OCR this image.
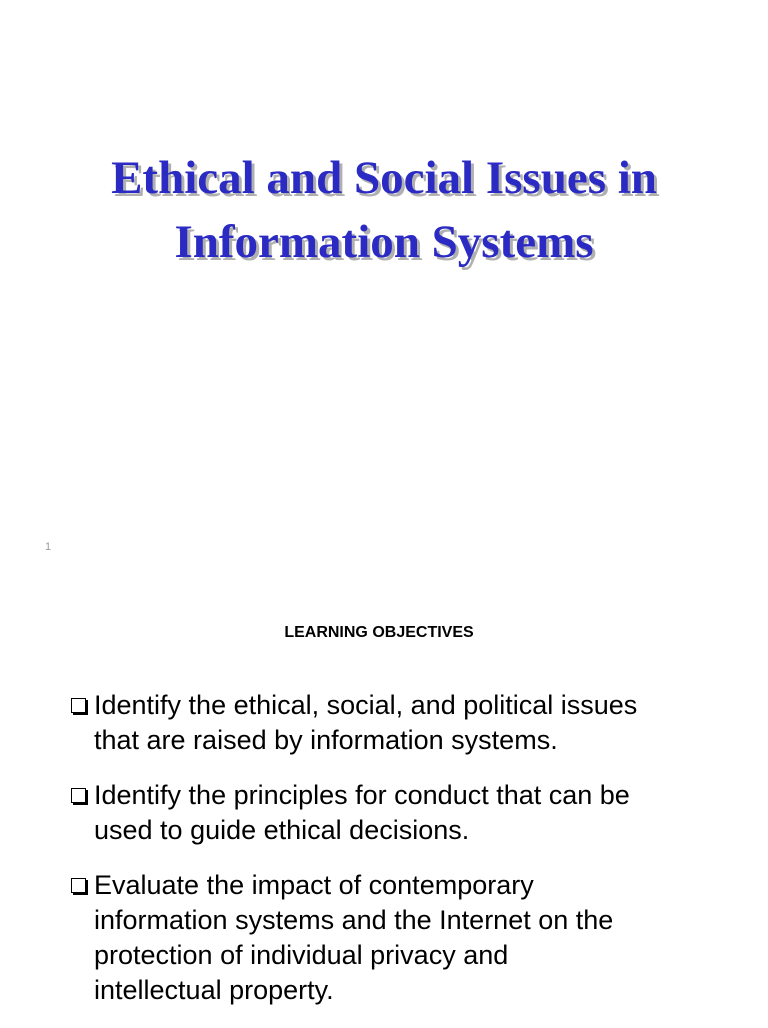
Ethical and Social Issues in
Information Systems
1
LEARNING OBJECTIVES
Identify the ethical, social, and political issues
that are raised by information systems.
Identify the principles for conduct that can be
used to guide ethical decisions.
Evaluate the impact of contemporary
information systems and the Internet on the
protection of individual privacy and
intellectual property.
